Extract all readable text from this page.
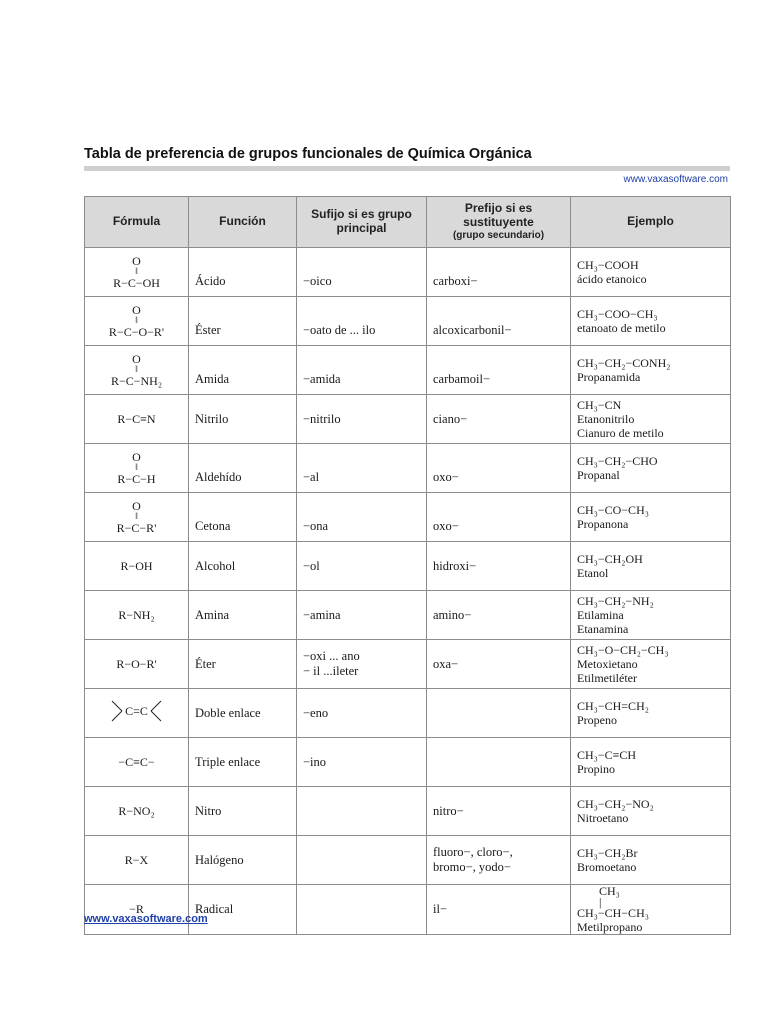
Tabla de preferencia de grupos funcionales de Química Orgánica
www.vaxasoftware.com
Fórmula	Función	Sufijo si es grupo principal	Prefijo si es sustituyente
(grupo secundario)	Ejemplo

O
‖
R−C−OH	Ácido	−oico	carboxi−	CH₃−COOH
ácido etanoico

O
‖
R−C−O−R'	Éster	−oato de ... ilo	alcoxicarbonil−	CH₃−COO−CH₃
etanoato de metilo

O
‖
R−C−NH₂	Amida	−amida	carbamoil−	CH₃−CH₂−CONH₂
Propanamida

R−C≡N	Nitrilo	−nitrilo	ciano−	CH₃−CN
Etanonitrilo
Cianuro de metilo

O
‖
R−C−H	Aldehído	−al	oxo−	CH₃−CH₂−CHO
Propanal

O
‖
R−C−R'	Cetona	−ona	oxo−	CH₃−CO−CH₃
Propanona

R−OH	Alcohol	−ol	hidroxi−	CH₃−CH₂OH
Etanol

R−NH₂	Amina	−amina	amino−	CH₃−CH₂−NH₂
Etilamina
Etanamina

R−O−R'	Éter	−oxi ... ano
− il ...ileter	oxa−	CH₃−O−CH₂−CH₃
Metoxietano
Etilmetiléter

C=C	Doble enlace	−eno		CH₃−CH=CH₂
Propeno

−C≡C−	Triple enlace	−ino		CH₃−C≡CH
Propino

R−NO₂	Nitro		nitro−	CH₃−CH₂−NO₂
Nitroetano

R−X	Halógeno		fluoro−, cloro−,
bromo−, yodo−	CH₃−CH₂Br
Bromoetano

−R	Radical		il−	CH₃
|
CH₃−CH−CH₃
Metilpropano
www.vaxasoftware.com
